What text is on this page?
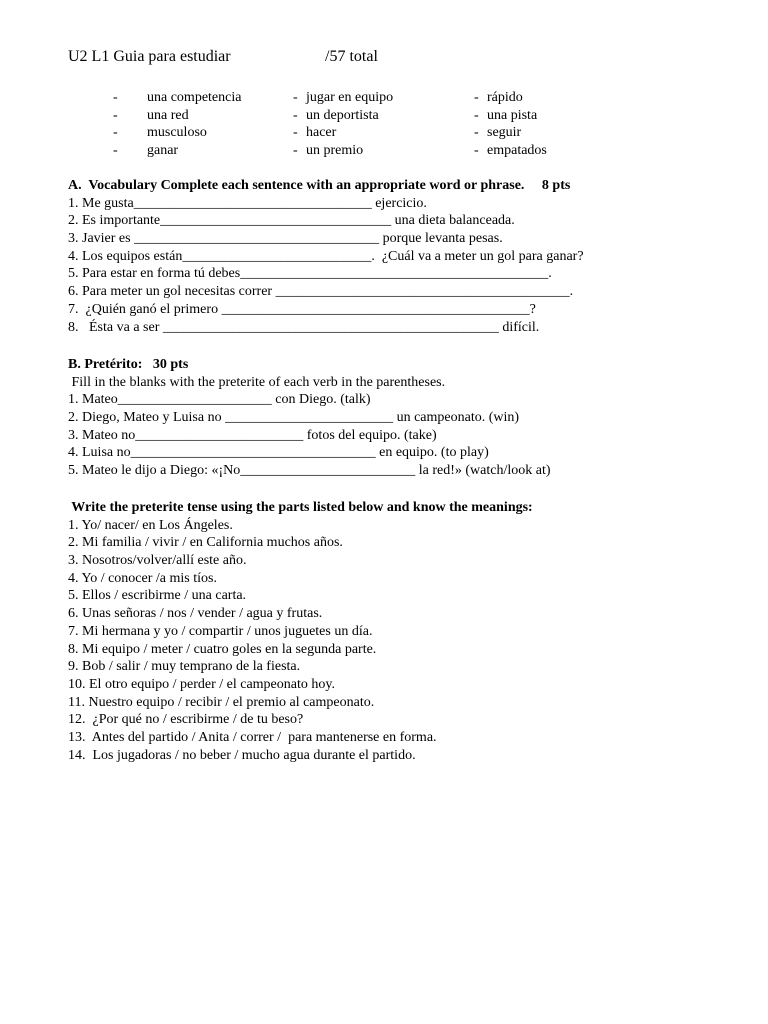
U2 L1 Guia para estudiar	/57 total
- una competencia
- una red
- musculoso
- ganar
- jugar en equipo
- un deportista
- hacer
- un premio
- rápido
- una pista
- seguir
- empatados
A.  Vocabulary Complete each sentence with an appropriate word or phrase.     8 pts
1. Me gusta__________________________________ ejercicio.
2. Es importante_________________________________ una dieta balanceada.
3. Javier es ___________________________________ porque levanta pesas.
4. Los equipos están___________________________.  ¿Cuál va a meter un gol para ganar?
5. Para estar en forma tú debes____________________________________________.
6. Para meter un gol necesitas correr __________________________________________.
7.  ¿Quién ganó el primero ____________________________________________?
8.   Ésta va a ser ________________________________________________ difícil.
B. Pretérito:   30 pts
Fill in the blanks with the preterite of each verb in the parentheses.
1. Mateo______________________ con Diego. (talk)
2. Diego, Mateo y Luisa no ________________________ un campeonato. (win)
3. Mateo no________________________ fotos del equipo. (take)
4. Luisa no___________________________________ en equipo. (to play)
5. Mateo le dijo a Diego: «¡No_________________________ la red!» (watch/look at)
Write the preterite tense using the parts listed below and know the meanings:
1. Yo/ nacer/ en Los Ángeles.
2. Mi familia / vivir / en California muchos años.
3. Nosotros/volver/allí este año.
4. Yo / conocer /a mis tíos.
5. Ellos / escribirme / una carta.
6. Unas señoras / nos / vender / agua y frutas.
7. Mi hermana y yo / compartir / unos juguetes un día.
8. Mi equipo / meter / cuatro goles en la segunda parte.
9. Bob / salir / muy temprano de la fiesta.
10. El otro equipo / perder / el campeonato hoy.
11. Nuestro equipo / recibir / el premio al campeonato.
12.  ¿Por qué no / escribirme / de tu beso?
13.  Antes del partido / Anita / correr /  para mantenerse en forma.
14.  Los jugadoras / no beber / mucho agua durante el partido.
